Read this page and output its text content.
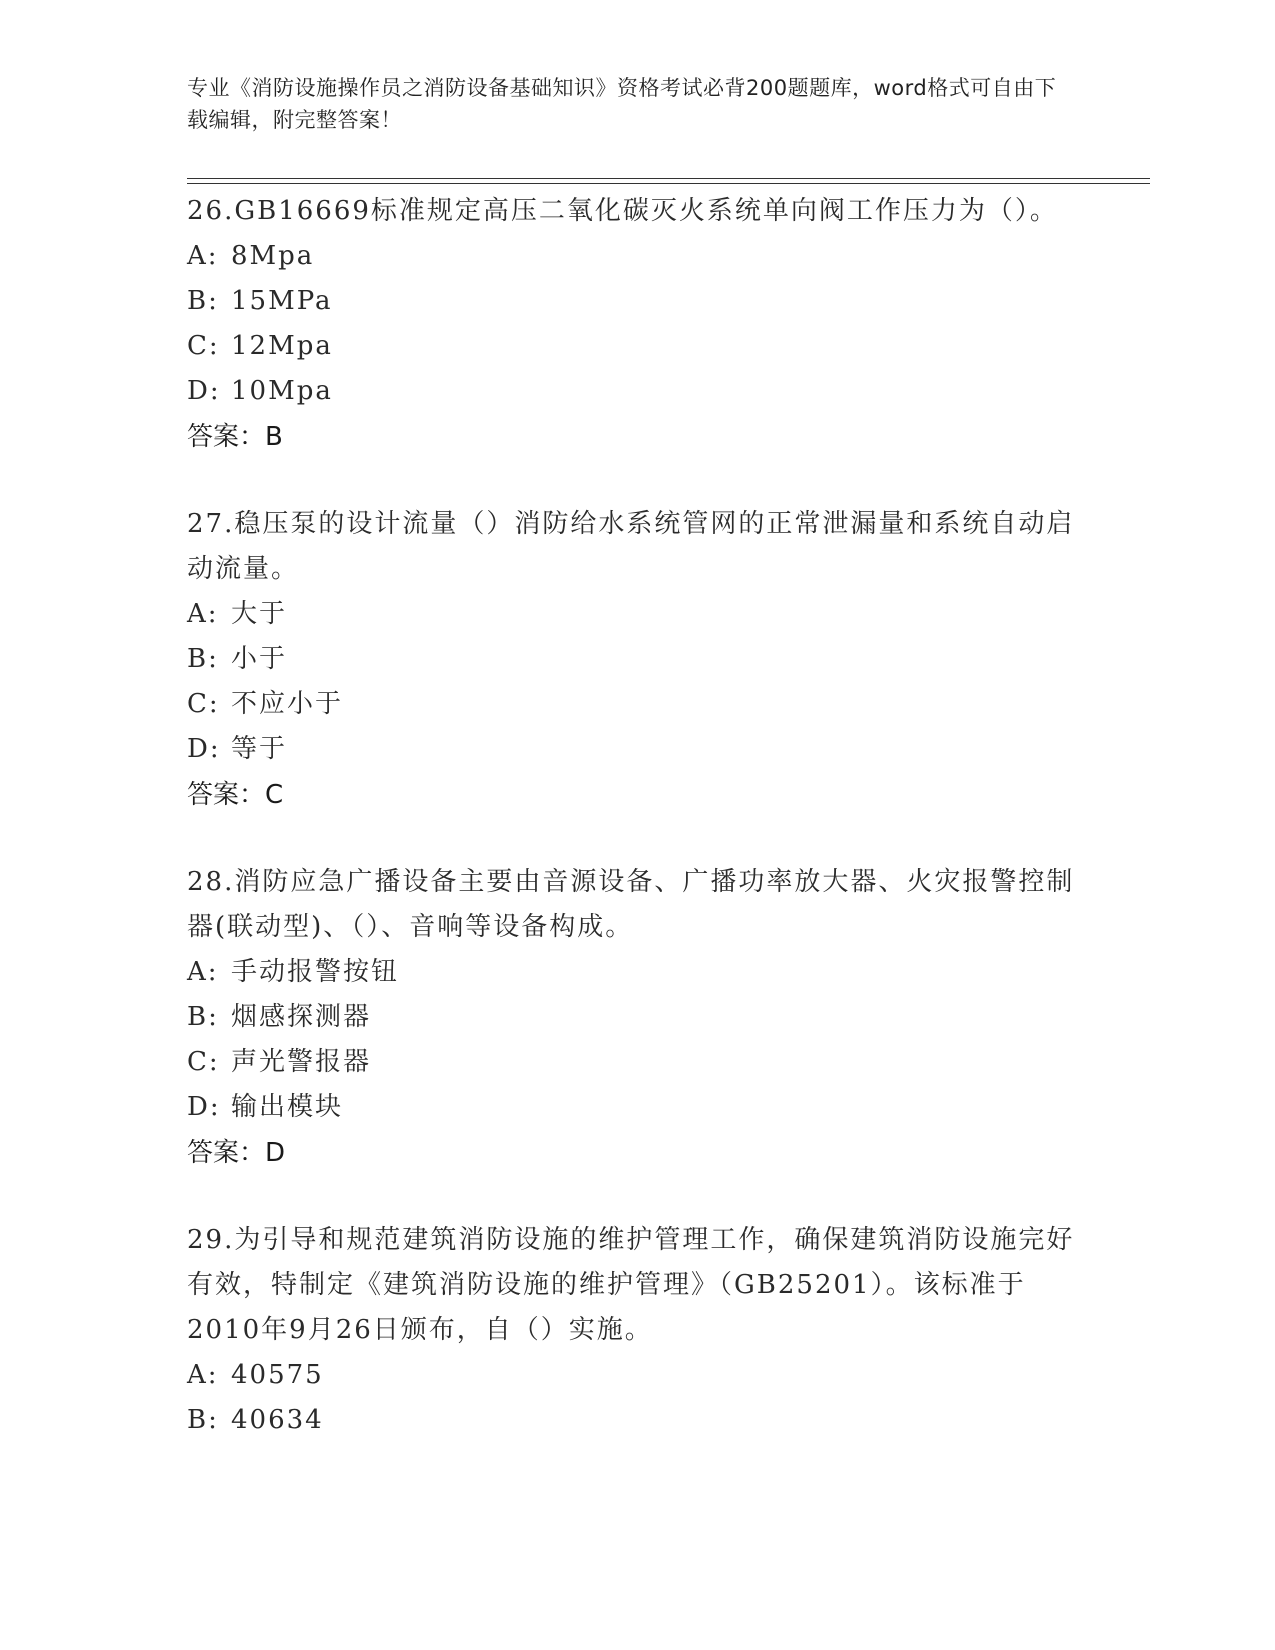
专业《消防设施操作员之消防设备基础知识》资格考试必背200题题库，word格式可自由下载编辑，附完整答案！
26.GB16669标准规定高压二氧化碳灭火系统单向阀工作压力为（）。
A: 8Mpa
B: 15MPa
C: 12Mpa
D: 10Mpa
答案：B
27.稳压泵的设计流量（）消防给水系统管网的正常泄漏量和系统自动启动流量。
A: 大于
B: 小于
C: 不应小于
D: 等于
答案：C
28.消防应急广播设备主要由音源设备、广播功率放大器、火灾报警控制器(联动型)、（）、音响等设备构成。
A: 手动报警按钮
B: 烟感探测器
C: 声光警报器
D: 输出模块
答案：D
29.为引导和规范建筑消防设施的维护管理工作，确保建筑消防设施完好有效，特制定《建筑消防设施的维护管理》（GB25201）。该标准于2010年9月26日颁布，自（）实施。
A: 40575
B: 40634
